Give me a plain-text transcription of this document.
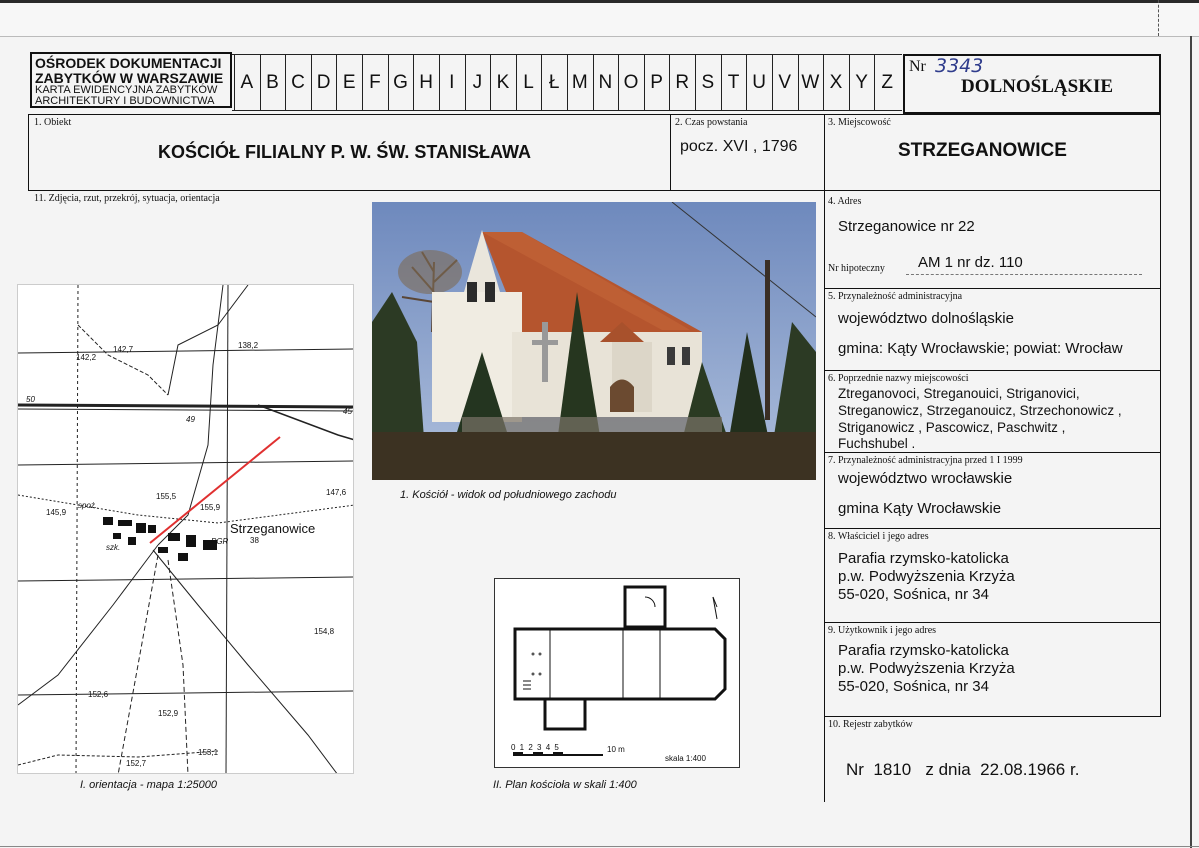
OŚRODEK DOKUMENTACJI
ZABYTKÓW W WARSZAWIE
KARTA EWIDENCYJNA ZABYTKÓW
ARCHITEKTURY I BUDOWNICTWA
A B C D E F G H I J K L Ł M N O P R S T U V W X Y Z
Nr 3343
DOLNOŚLĄSKIE
1. Obiekt
KOŚCIÓŁ FILIALNY P. W. ŚW. STANISŁAWA
2. Czas powstania
pocz. XVI , 1796
3. Miejscowość
STRZEGANOWICE
11. Zdjęcia, rzut, przekrój, sytuacja, orientacja	4. Adres
Strzeganowice nr 22
Nr hipoteczny AM 1 nr dz. 110
5. Przynależność administracyjna
województwo dolnośląskie
gmina: Kąty Wrocławskie; powiat: Wrocław
6. Poprzednie nazwy miejscowości
Ztreganovoci, Streganouici, Striganovici,
Streganowicz, Strzeganouicz, Strzechonowicz ,
Striganowicz , Pascowicz, Paschwitz ,
Fuchshubel .
7. Przynależność administracyjna przed 1 I 1999
województwo wrocławskie
gmina Kąty Wrocławskie
8. Właściciel i jego adres
Parafia rzymsko-katolicka
p.w. Podwyższenia Krzyża
55-020, Sośnica, nr 34
9. Użytkownik i jego adres
Parafia rzymsko-katolicka
p.w. Podwyższenia Krzyża
55-020, Sośnica, nr 34
10. Rejestr zabytków
Nr  1810   z dnia  22.08.1966 r.
1. Kościół - widok od południowego zachodu
Strzeganowice
142,7
142,2
138,2
50
49
45
155,5
155,9
147,6
145,9
spoż.
szk.
PGR	38
154,8
152,6
152,9
153,1
152,7
I. orientacja - mapa 1:25000
0 1 2 3 4 5	10 m
skala 1:400
II. Plan kościoła w skali 1:400
